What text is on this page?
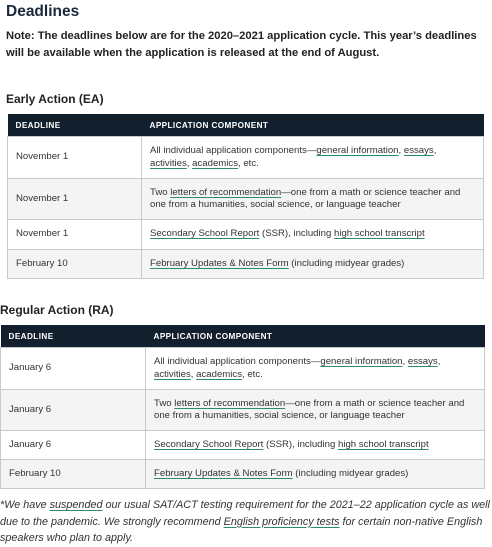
Deadlines
Note: The deadlines below are for the 2020–2021 application cycle. This year’s deadlines will be available when the application is released at the end of August.
Early Action (EA)
DEADLINE	APPLICATION COMPONENT
November 1	All individual application components—general information, essays, activities, academics, etc.
November 1	Two letters of recommendation—one from a math or science teacher and one from a humanities, social science, or language teacher
November 1	Secondary School Report (SSR), including high school transcript
February 10	February Updates & Notes Form (including midyear grades)
Regular Action (RA)
DEADLINE	APPLICATION COMPONENT
January 6	All individual application components—general information, essays, activities, academics, etc.
January 6	Two letters of recommendation—one from a math or science teacher and one from a humanities, social science, or language teacher
January 6	Secondary School Report (SSR), including high school transcript
February 10	February Updates & Notes Form (including midyear grades)
*We have suspended our usual SAT/ACT testing requirement for the 2021–22 application cycle as well due to the pandemic. We strongly recommend English proficiency tests for certain non-native English speakers who plan to apply.
